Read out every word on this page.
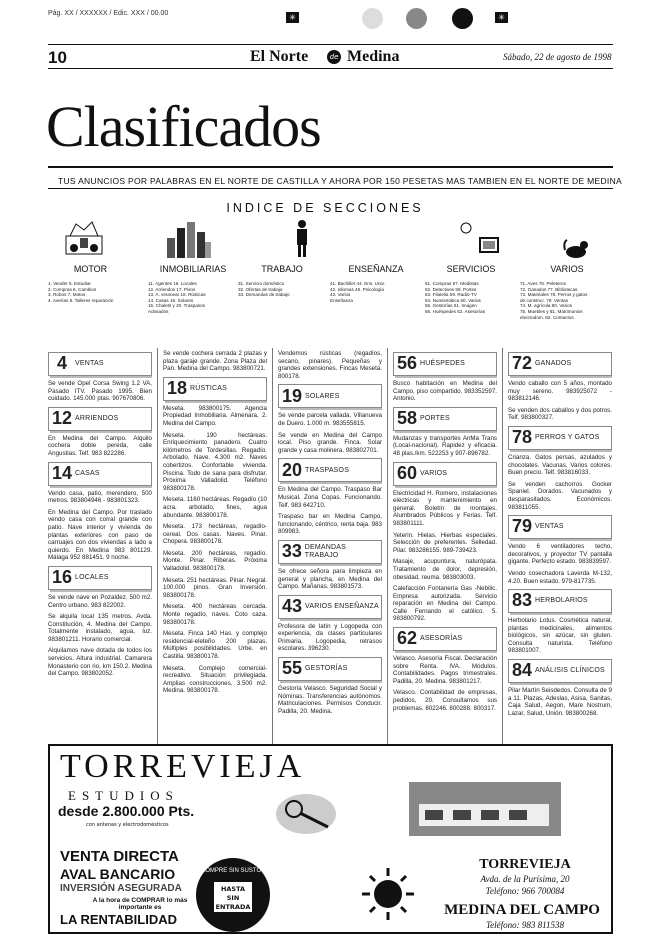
Pág. XX / XXXXXX / Edic. XXX / 00.00	✳	✳
10	El Norte	de Medina	Sábado, 22 de agosto de 1998
Clasificados
TUS ANUNCIOS POR PALABRAS EN EL NORTE DE CASTILLA Y AHORA POR 150 PESETAS MAS TAMBIEN EN EL NORTE DE MEDINA
INDICE DE SECCIONES
MOTOR
1. Vender 5. Estudiar
2. Compras 6. Cambios
3. Robos 7. Motos
4. Averías 8. Talleres reparación
INMOBILIARIAS
11. Agentes 16. Locales
12. Arriendos 17. Pisos
13. A. veranear 18. Rústicas
14. Casas 19. Solares
15. Chalets y 20. Traspasos
Adosados
TRABAJO
31. Servicio doméstico
32. Ofertas de trabajo
33. Demandas de trabajo
ENSEÑANZA
41. Bachiller 44. Ens. Univ.
42. Idiomas 45. Psicología
43. Varios
Enseñanza
SERVICIOS
51. Compras 57. Modistas
52. Detectives 58. Portes
53. Filatelia 59. Radio-TV
54. Numismática 60. Varios
55. Gestorías 61. Imagen
56. Huéspedes 62. Asesorías
VARIOS
71. Aves 76. Peleteros
72. Ganados 77. Bibliotecas
73. Materiales 78. Perros y gatos
de construc. 79. Ventas
74. M. agrícola 80. Varios
75. Muebles y 81. Matrimonios
electrodom. 82. Contactos
4	VENTAS

Se vende Opel Corsa Swing 1.2 VA, Pasado ITV. Pasado 1995. Bien cuidado. 145.000 ptas. 907670806.

12 ARRIENDOS

En Medina del Campo. Alquilo cochera doble pereda, calle Angustias. Telf. 983 822286.

14 CASAS

Vendo casa, patio, merendero, 500 metros. 983804946 - 983801323.

En Medina del Campo. Por traslado vendo casa con corral grande con patio. Nave interior y vivienda de plantas exteriores con paso de carruajes con dos viviendas a lado a quierdo. En Medina 983 801129. Málaga 952 881451. 9 noche.

16 LOCALES

Se vende nave en Pozaldez. 500 m2. Centro urbano. 983 822002.

Se alquila local 135 metros. Avda. Constitución, 4. Medina del Campo. Totalmente instalado, agua, luz. 983801211. Horario comercial.

Alquilamos nave dotada de todos los servicios. Altura industrial. Camarera Monasterio con rio, km 150.2. Medina del Campo. 983802052.

Se vende cochera cerrada 2 plazas y plaza garaje grande. Zona Plaza del Pan. Medina del Campo. 983800721.

18 RÚSTICAS

Meseta. 983800175. Agencia Propiedad Inmobiliaria. Almenara, 2. Medina del Campo.

Meseta. 190 hectáreas. Enriquecimiento panadero. Cuatro kilómetros de Tordesillas. Regadío. Arbolado. Nave. 4.300 m2. Naves cobertizos. Confortable vivienda. Piscina. Todo de sana para disfrutar. Próxima Valladolid. Teléfono 983800178.

Meseta. 1160 hectáreas. Regadío (10 acra, arbolado, fines, agua abundante. 983800178.

Meseta. 173 hectáreas, regadío-cereal. Dos casas. Naves. Pinar. Chopera. 983800178.

Meseta. 200 hectáreas, regadío. Monte. Pinar. Riberas. Próxima Valladolid. 983800178.

Meseta. 251 hectáreas. Pinar. Negral. 100.000 pinos. Gran Inversión. 983800178.

Meseta. 400 hectáreas cercada. Monte regadío, naves. Coto caza. 983800178.

Meseta. Finca 140 Has. y complejo residencial-eleteño 200 plazas. Múltiples posibilidades. Urbe. en Castilla. 983800178.

Meseta. Complejo comercial-recreativo. Situación privilegiada. Amplias construcciones. 3.500 m2. Medina. 983800178.

Vendemos rústicas (regadíos, secano, pinares). Pequeñas y grandes extensiones. Fincas Meseta. 800178.

19 SOLARES

Se vende parcela vallada. Villanueva de Duero. 1.000 m. 983555815.

Se vende en Medina del Campo local. Piso grande. Finca. Solar grande y casa molinera. 983802701.

20 TRASPASOS

En Medina del Campo. Traspaso Bar Musical. Zona Copas. Funcionando. Telf. 983 642710.

Traspaso bar en Medina Campo, funcionando, céntrico, renta baja. 983 809983.

33 DEMANDAS TRABAJO

Se ofrece señora para limpieza en general y plancha, en Medina del Campo. Mañanas. 983801573.

43 VARIOS ENSEÑANZA

Profesora de latín y Logopeda con experiencia, da clases particulares Primaria, Logopedia, retrasos escolares. 396230.

55 GESTORÍAS

Gestoría Velasco. Seguridad Social y Nóminas. Transferencias autónomos. Matriculaciones. Permisos Conducir. Padilla, 20. Medina.

56 HUÉSPEDES

Busco habitación en Medina del Campo, piso compartido. 983352597. Antonio.

58 PORTES

Mudanzas y transportes AnMa Trans (Local-nacional). Rapidez y eficacia. 48 plas./km. 522253 y 907-896782.

60 VARIOS

Electricidad H. Romero, instalaciones eléctricas y mantenimiento en general. Boletín de montajes. Alumbrados Públicos y Ferias. Telf. 983801111.

Yeterin. Hielas. Hierbas especiales. Selección de preferentes. Selledad. Pilar. 983286155. 989-739423.

Masaje, acupuntura, naturópata. Tratamiento de dolor, depresión, obesidad, reuma. 983803003.

Calefacción Fontanería Gas -Nebilic. Empresa autorizada. Servicio reparación en Medina del Campo. Calle Fernando el católico. 5. 983800792.

62 ASESORÍAS

Velasco. Asesoría Fiscal. Declaración sobre Renta. IVA. Módulos. Contabilidades. Pagos trimestrales. Padilla, 20. Medina. 983801217.

Velasco. Contabilidad de empresas, pedidos, 20. Consultamos sus problemas. 802246. 800288. 800317.

72 GANADOS

Vendo caballo con 5 años, montado muy sereno. 983925072 - 983812146.

Se venden dos caballos y dos potros. Telf. 983800327.

78 PERROS Y GATOS

Crianza. Gatos persas, azulados y chocolates. Vacunas. Varios colores. Buen precio. Telf. 983816033.

Se venden cachorros Gocker Spaniel. Dorados. Vacunados y desparasitados. Económicos. 983811055.

79 VENTAS

Vendo 6 ventiladores techo, decorativos, y proyector TV pantalla gigante. Perfecto estado. 983839597.

Vendo cosechadora Laverda M-132, 4.20. Buen estado. 979-817735.

83 HERBOLARIOS

Herbolario Lotus. Cosmética natural, plantas medicinales, alimentos biológicos, sin azúcar, sin gluten. Consulta naturista. Teléfono 983801007.

84 ANÁLISIS CLÍNICOS

Pilar Martín Seisdedos. Consulta de 9 a 11. Plazas, Adeslas, Asisa, Sanitas, Caja Salud, Aegon, Mare Nostrum, Lazar, Salud, Unión. 983800268.

TORREVIEJA
ESTUDIOS
desde 2.800.000 Pts.
con antenas y electrodomésticos
VENTA DIRECTA
AVAL BANCARIO
INVERSIÓN ASEGURADA
A la hora de COMPRAR lo más importante es
LA RENTABILIDAD
COMPRE SIN SUSTOS
HASTA SIN ENTRADA
TORREVIEJA
Avda. de la Purísima, 20
Teléfono: 966 700084
MEDINA DEL CAMPO
Teléfono: 983 811538
